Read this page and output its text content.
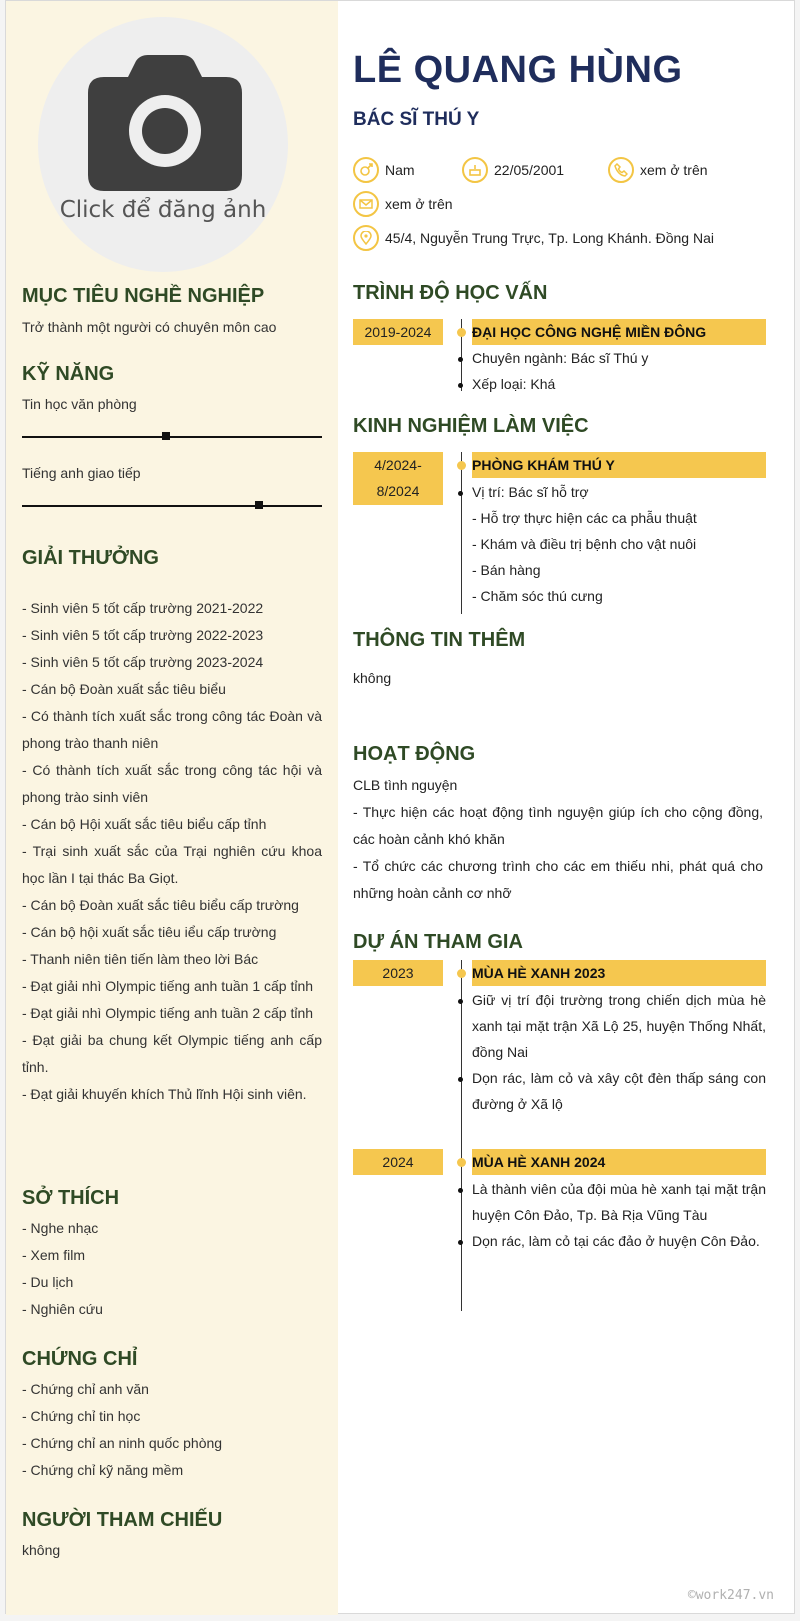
Click để đăng ảnh
MỤC TIÊU NGHỀ NGHIỆP
Trở thành một người có chuyên môn cao
KỸ NĂNG
Tin học văn phòng
Tiếng anh giao tiếp
GIẢI THƯỞNG
- Sinh viên 5 tốt cấp trường 2021-2022
- Sinh viên 5 tốt cấp trường 2022-2023
- Sinh viên 5 tốt cấp trường 2023-2024
- Cán bộ Đoàn xuất sắc tiêu biểu
- Có thành tích xuất sắc trong công tác Đoàn và phong trào thanh niên
- Có thành tích xuất sắc trong công tác hội và phong trào sinh viên
- Cán bộ Hội xuất sắc tiêu biểu cấp tỉnh
- Trại sinh xuất sắc của Trại nghiên cứu khoa học lần I tại thác Ba Giọt.
- Cán bộ Đoàn xuất sắc tiêu biểu cấp trường
- Cán bộ hội xuất sắc tiêu iểu cấp trường
- Thanh niên tiên tiến làm theo lời Bác
- Đạt giải nhì Olympic tiếng anh tuần 1 cấp tỉnh
- Đạt giải nhì Olympic tiếng anh tuần 2 cấp tỉnh
- Đạt giải ba chung kết Olympic tiếng anh cấp tỉnh.
- Đạt giải khuyến khích Thủ lĩnh Hội sinh viên.
SỞ THÍCH
- Nghe nhạc
- Xem film
- Du lịch
- Nghiên cứu
CHỨNG CHỈ
- Chứng chỉ anh văn
- Chứng chỉ tin học
- Chứng chỉ an ninh quốc phòng
- Chứng chỉ kỹ năng mềm
NGƯỜI THAM CHIẾU
không
LÊ QUANG HÙNG
BÁC SĨ THÚ Y
Nam	22/05/2001	xem ở trên
xem ở trên
45/4, Nguyễn Trung Trực, Tp. Long Khánh. Đồng Nai
TRÌNH ĐỘ HỌC VẤN
2019-2024	ĐẠI HỌC CÔNG NGHỆ MIỀN ĐÔNG
Chuyên ngành: Bác sĩ Thú y
Xếp loại: Khá
KINH NGHIỆM LÀM VIỆC
4/2024-
8/2024
PHÒNG KHÁM THÚ Y
Vị trí: Bác sĩ hỗ trợ
- Hỗ trợ thực hiện các ca phẫu thuật
- Khám và điều trị bệnh cho vật nuôi
- Bán hàng
- Chăm sóc thú cưng
THÔNG TIN THÊM
không
HOẠT ĐỘNG
CLB tình nguyện
- Thực hiện các hoạt động tình nguyện giúp ích cho cộng đồng, các hoàn cảnh khó khăn
- Tổ chức các chương trình cho các em thiếu nhi, phát quá cho những hoàn cảnh cơ nhỡ
DỰ ÁN THAM GIA
2023	MÙA HÈ XANH 2023
Giữ vị trí đội trường trong chiến dịch mùa hè xanh tại mặt trận Xã Lộ 25, huyện Thống Nhất, đồng Nai
Dọn rác, làm cỏ và xây cột đèn thấp sáng con đường ở Xã lộ
2024	MÙA HÈ XANH 2024
Là thành viên của đội mùa hè xanh tại mặt trận huyện Côn Đảo, Tp. Bà Rịa Vũng Tàu
Dọn rác, làm cỏ tại các đảo ở huyện Côn Đảo.
©work247.vn
